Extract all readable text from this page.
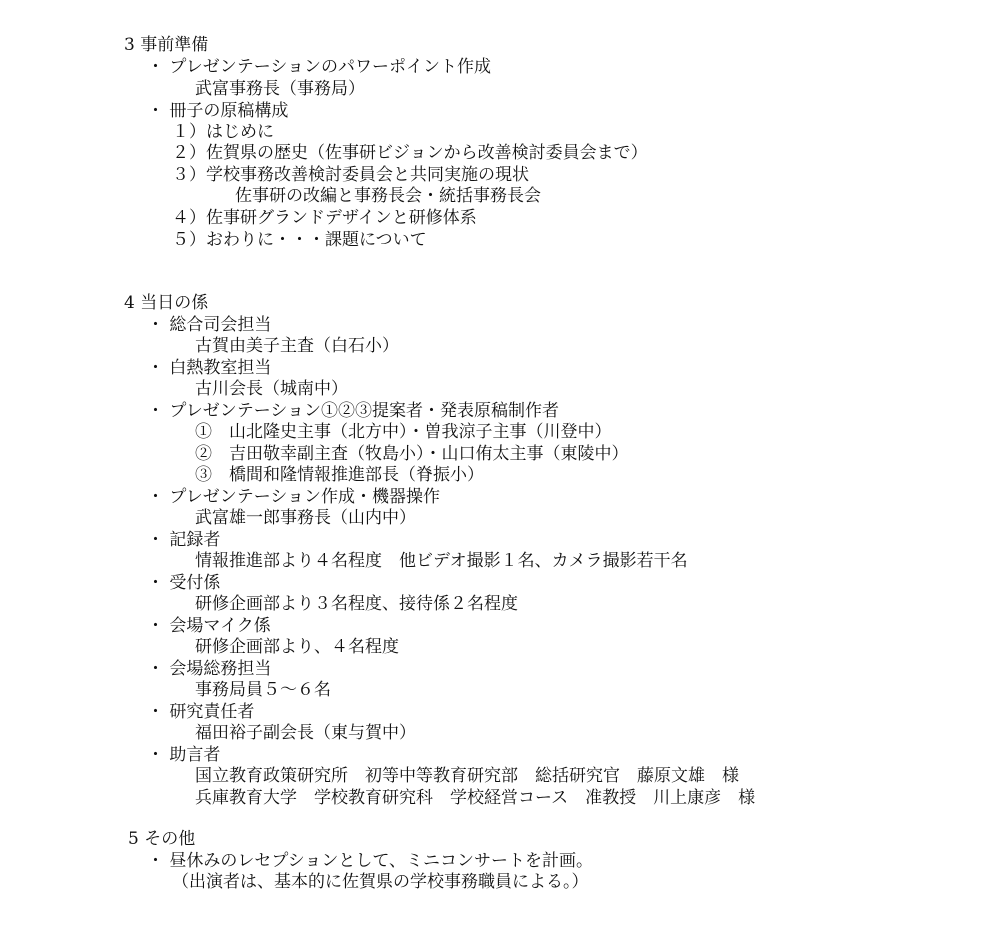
3 事前準備
・ プレゼンテーションのパワーポイント作成
武富事務長（事務局）
・ 冊子の原稿構成
１）はじめに
２）佐賀県の歴史（佐事研ビジョンから改善検討委員会まで）
３）学校事務改善検討委員会と共同実施の現状
佐事研の改編と事務長会・統括事務長会
４）佐事研グランドデザインと研修体系
５）おわりに・・・課題について
4 当日の係
・ 総合司会担当
古賀由美子主査（白石小）
・ 白熱教室担当
古川会長（城南中）
・ プレゼンテーション①②③提案者・発表原稿制作者
①　山北隆史主事（北方中）・曽我涼子主事（川登中）
②　吉田敬幸副主査（牧島小）・山口侑太主事（東陵中）
③　橋間和隆情報推進部長（脊振小）
・ プレゼンテーション作成・機器操作
武富雄一郎事務長（山内中）
・ 記録者
情報推進部より４名程度　他ビデオ撮影１名、カメラ撮影若干名
・ 受付係
研修企画部より３名程度、接待係２名程度
・ 会場マイク係
研修企画部より、４名程度
・ 会場総務担当
事務局員５～６名
・ 研究責任者
福田裕子副会長（東与賀中）
・ 助言者
国立教育政策研究所　初等中等教育研究部　総括研究官　藤原文雄　様
兵庫教育大学　学校教育研究科　学校経営コース　准教授　川上康彦　様
5 その他
・ 昼休みのレセプションとして、ミニコンサートを計画。
（出演者は、基本的に佐賀県の学校事務職員による。）
